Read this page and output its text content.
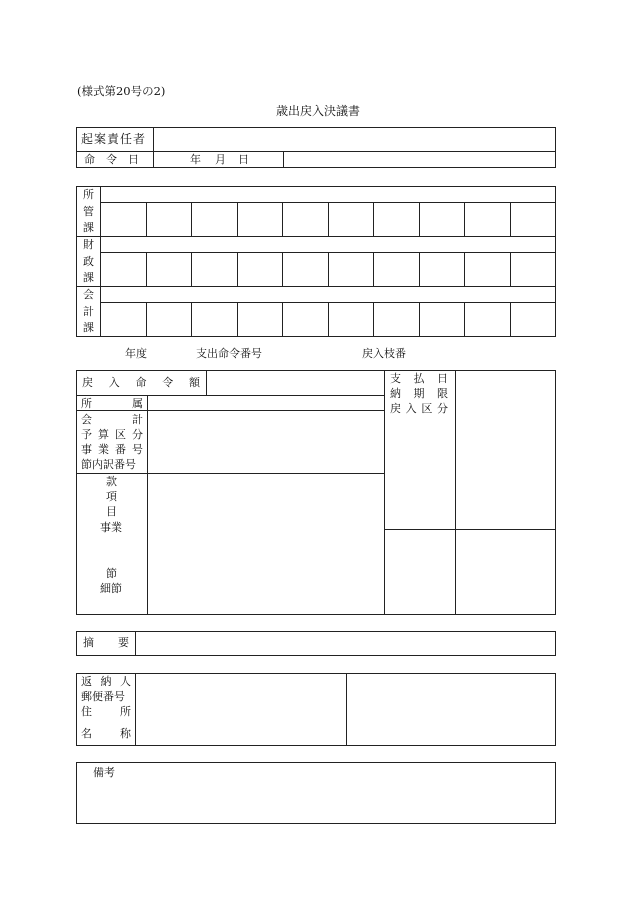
(様式第20号の2)
歳出戻入決議書
起案責任者
命　令　日	年 月 日
所
管
課
財
政
課
会
計
課
年度	支出命令番号	戻入枝番
戻 入 命 令 額
所	属
会	計
予 算 区 分
事 業 番 号
節内訳番号
款
項
目
事業
節
細節
支 払 日
納 期 限
戻 入 区 分
摘 要
返 納 人
郵便番号
住	所
名	称
備考
